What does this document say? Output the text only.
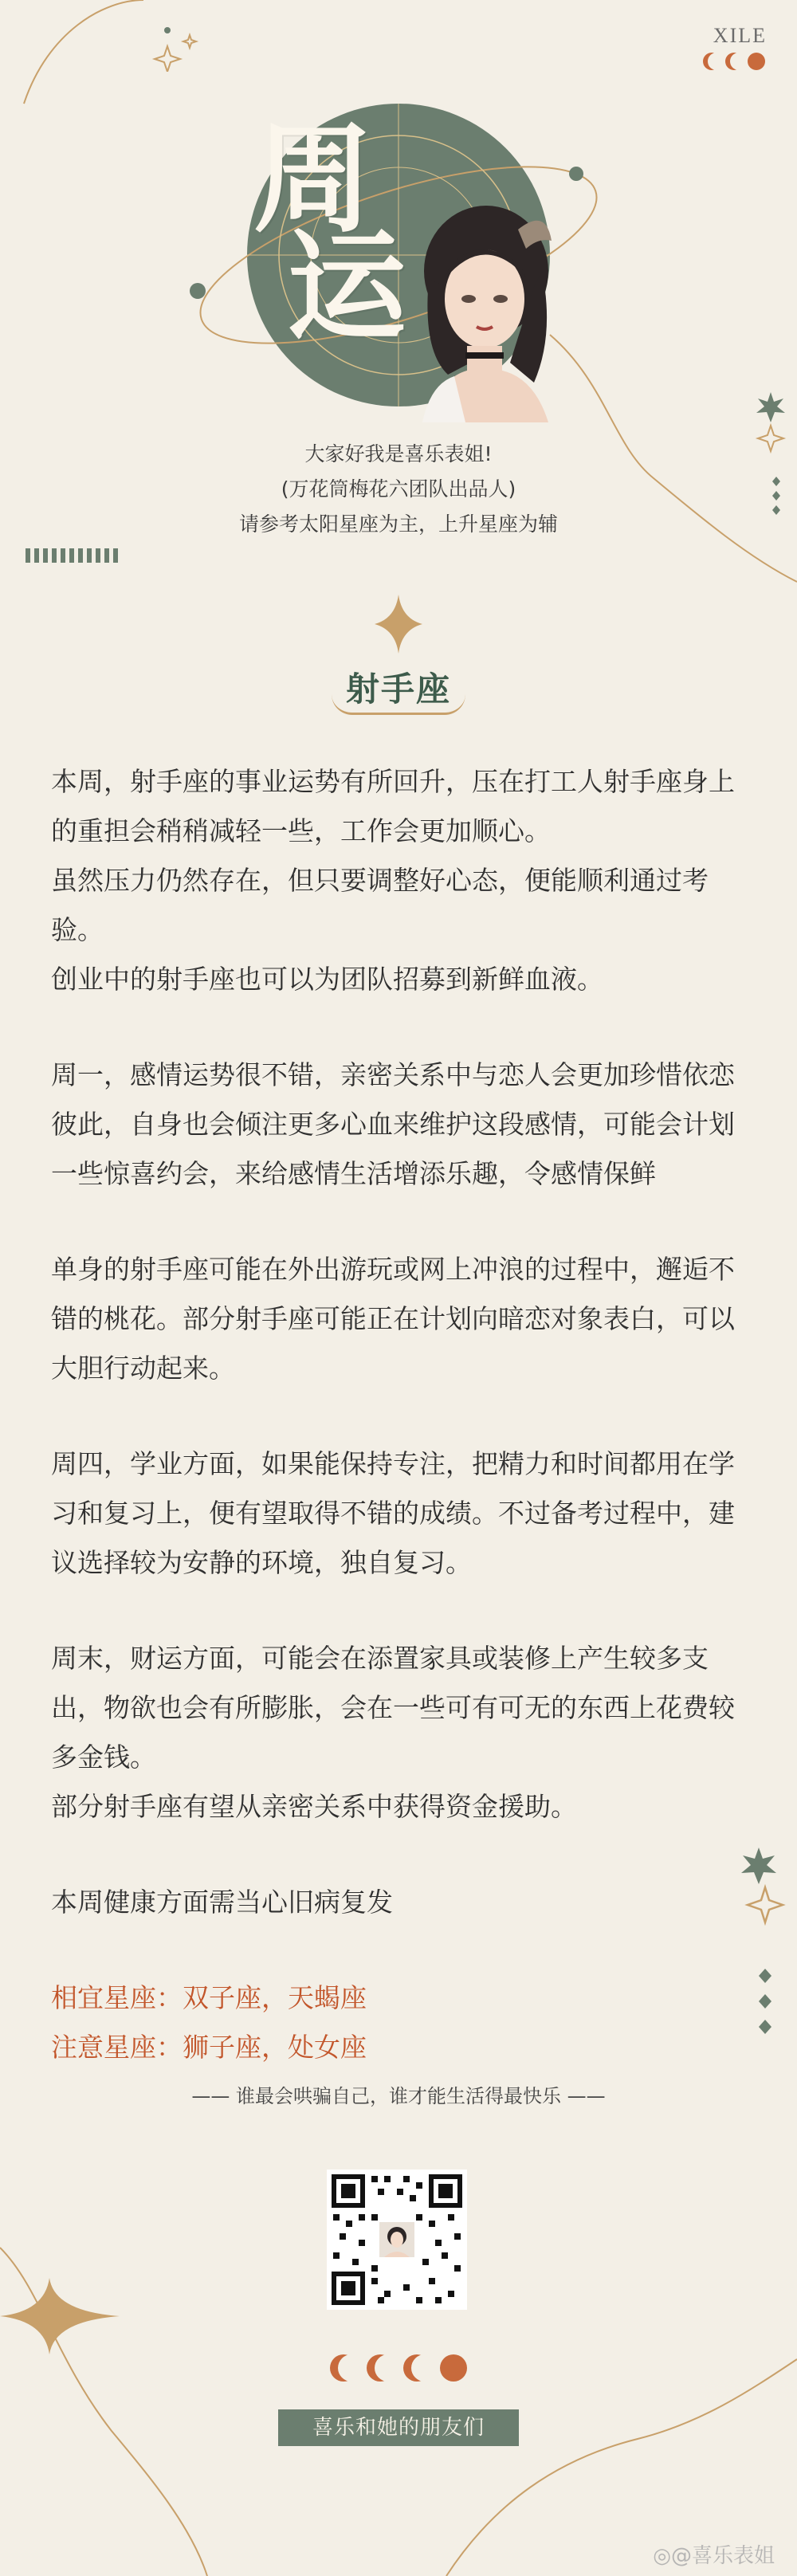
XILE
周
运
大家好我是喜乐表姐!
(万花筒梅花六团队出品人)
请参考太阳星座为主，上升星座为辅
射手座

本周，射手座的事业运势有所回升，压在打工人射手座身上的重担会稍稍减轻一些，工作会更加顺心。

虽然压力仍然存在，但只要调整好心态，便能顺利通过考验。

创业中的射手座也可以为团队招募到新鲜血液。

周一，感情运势很不错，亲密关系中与恋人会更加珍惜依恋彼此，自身也会倾注更多心血来维护这段感情，可能会计划一些惊喜约会，来给感情生活增添乐趣，令感情保鲜

单身的射手座可能在外出游玩或网上冲浪的过程中，邂逅不错的桃花。部分射手座可能正在计划向暗恋对象表白，可以大胆行动起来。

周四，学业方面，如果能保持专注，把精力和时间都用在学习和复习上，便有望取得不错的成绩。不过备考过程中，建议选择较为安静的环境，独自复习。

周末，财运方面，可能会在添置家具或装修上产生较多支出，物欲也会有所膨胀，会在一些可有可无的东西上花费较多金钱。

部分射手座有望从亲密关系中获得资金援助。

本周健康方面需当心旧病复发

相宜星座：双子座，天蝎座

注意星座：狮子座，处女座

—— 谁最会哄骗自己，谁才能生活得最快乐 ——
喜乐和她的朋友们
◎@喜乐表姐
